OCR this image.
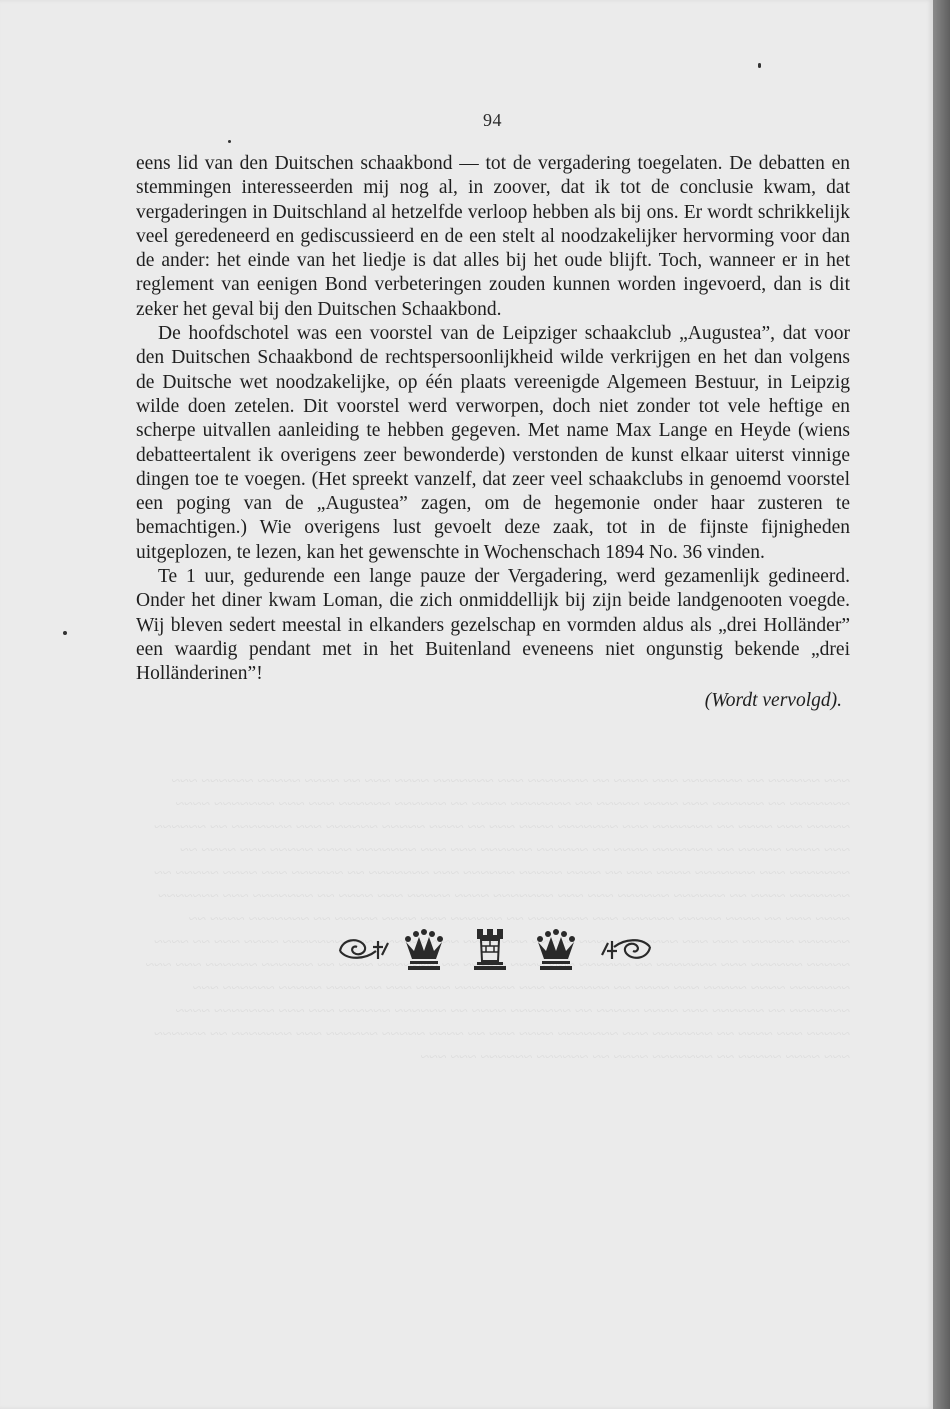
94
~~~ ~~~~~~ ~~ ~~~~~~~ ~~~ ~~~~ ~~ ~~~~~~~ ~~~ ~~~~~~~ ~~~~ ~~~ ~~ ~~~~ ~~~~~ ~~~~~~ ~~~ ~~~~~~~ ~~ ~~~~~~ ~~~ ~~~~ ~~~~~ ~~ ~~~~~~~ ~~~~ ~~ ~~~~~~ ~~~~~~ ~~~ ~~~ ~~~~~~~ ~~~~ ~~~~~ ~~~ ~~~~ ~~ ~~~~~~~ ~~~ ~~~~~~~ ~~~~ ~~~ ~~ ~~~~ ~~~~~ ~~~~~~ ~~~ ~~~~~~~ ~~ ~~~~~~ ~~~ ~~~~ ~~~~~ ~~ ~~~~~~~ ~~~~ ~~ ~~~~~~ ~~~~~~ ~~~ ~~~ ~~~~~~~ ~~~~ ~~~~~ ~~~ ~~~~ ~~ ~~~~~~~ ~~~ ~~~~~~~ ~~~~ ~~~ ~~ ~~~~ ~~~~~ ~~~~~~ ~~~ ~~~~~~~ ~~ ~~~~~~ ~~~ ~~~~ ~~~~~ ~~ ~~~~~~~ ~~~~ ~~ ~~~~~~ ~~~~~~ ~~~ ~~~ ~~~~~~~ ~~~~ ~~~~~ ~~~ ~~~~ ~~ ~~~~~~~ ~~~ ~~~~~~~ ~~~~ ~~~ ~~ ~~~~ ~~~~~ ~~~~~~ ~~~ ~~~~~~~ ~~ ~~~~~~ ~~~ ~~~~ ~~~~~ ~~ ~~~~~~~ ~~~~ ~~ ~~~~~~ ~~~~~~ ~~~ ~~~ ~~~~~~~ ~~~~ ~~~~~ ~~~ ~~~~ ~~ ~~~~~~~ ~~~ ~~~~~~~ ~~~~ ~~~ ~~ ~~~~ ~~~~~ ~~~~~~ ~~~ ~~~~~~~ ~~ ~~~~~~ ~~~ ~~~~ ~~~~~ ~~ ~~~~~~~ ~~~~ ~~ ~~~~~~ ~~~~~~ ~~~ ~~~ ~~~~~~~ ~~~~ ~~~~~ ~~~ ~~~~ ~~ ~~~~~~~ ~~~ ~~~~~~~ ~~~~ ~~~ ~~ ~~~~ ~~~~~ ~~~~~~ ~~~ ~~~~~~~ ~~ ~~~~~~ ~~~ ~~~~ ~~~~~ ~~ ~~~~~~~ ~~~~ ~~ ~~~~~~ ~~~~~~ ~~~ ~~~ ~~~~~~~ ~~~~ ~~~~~ ~~~ ~~~~ ~~ ~~~~~~~ ~~~ ~~~~~~~ ~~~~ ~~~ ~~ ~~~~ ~~~~~ ~~~~~~ ~~~ ~~~~~~~ ~~ ~~~~~~ ~~~ ~~~~ ~~~~~ ~~ ~~~~~~~ ~~~~ ~~ ~~~~~~ ~~~~~~ ~~~ ~~~

eens lid van den Duitschen schaakbond — tot de vergadering toegelaten. De debatten en stemmingen interesseerden mij nog al, in zoover, dat ik tot de conclusie kwam, dat vergaderingen in Duitschland al hetzelfde verloop hebben als bij ons. Er wordt schrikkelijk veel geredeneerd en gediscussieerd en de een stelt al noodzakelijker hervorming voor dan de ander: het einde van het liedje is dat alles bij het oude blijft. Toch, wanneer er in het reglement van eenigen Bond verbeteringen zouden kunnen worden ingevoerd, dan is dit zeker het geval bij den Duitschen Schaakbond.

De hoofdschotel was een voorstel van de Leipziger schaakclub „Augustea”, dat voor den Duitschen Schaakbond de rechtspersoonlijkheid wilde verkrijgen en het dan volgens de Duitsche wet noodzakelijke, op één plaats vereenigde Algemeen Bestuur, in Leipzig wilde doen zetelen. Dit voorstel werd verworpen, doch niet zonder tot vele heftige en scherpe uitvallen aanleiding te hebben gegeven. Met name Max Lange en Heyde (wiens debatteertalent ik overigens zeer bewonderde) verstonden de kunst elkaar uiterst vinnige dingen toe te voegen. (Het spreekt vanzelf, dat zeer veel schaakclubs in genoemd voorstel een poging van de „Augustea” zagen, om de hegemonie onder haar zusteren te bemachtigen.) Wie overigens lust gevoelt deze zaak, tot in de fijnste fijnigheden uitgeplozen, te lezen, kan het gewenschte in Wochenschach 1894 No. 36 vinden.

Te 1 uur, gedurende een lange pauze der Vergadering, werd gezamenlijk gedineerd. Onder het diner kwam Loman, die zich onmiddellijk bij zijn beide landgenooten voegde. Wij bleven sedert meestal in elkanders gezelschap en vormden aldus als „drei Holländer” een waardig pendant met in het Buitenland eveneens niet ongunstig bekende „drei Holländerinen”!

(Wordt vervolgd).
